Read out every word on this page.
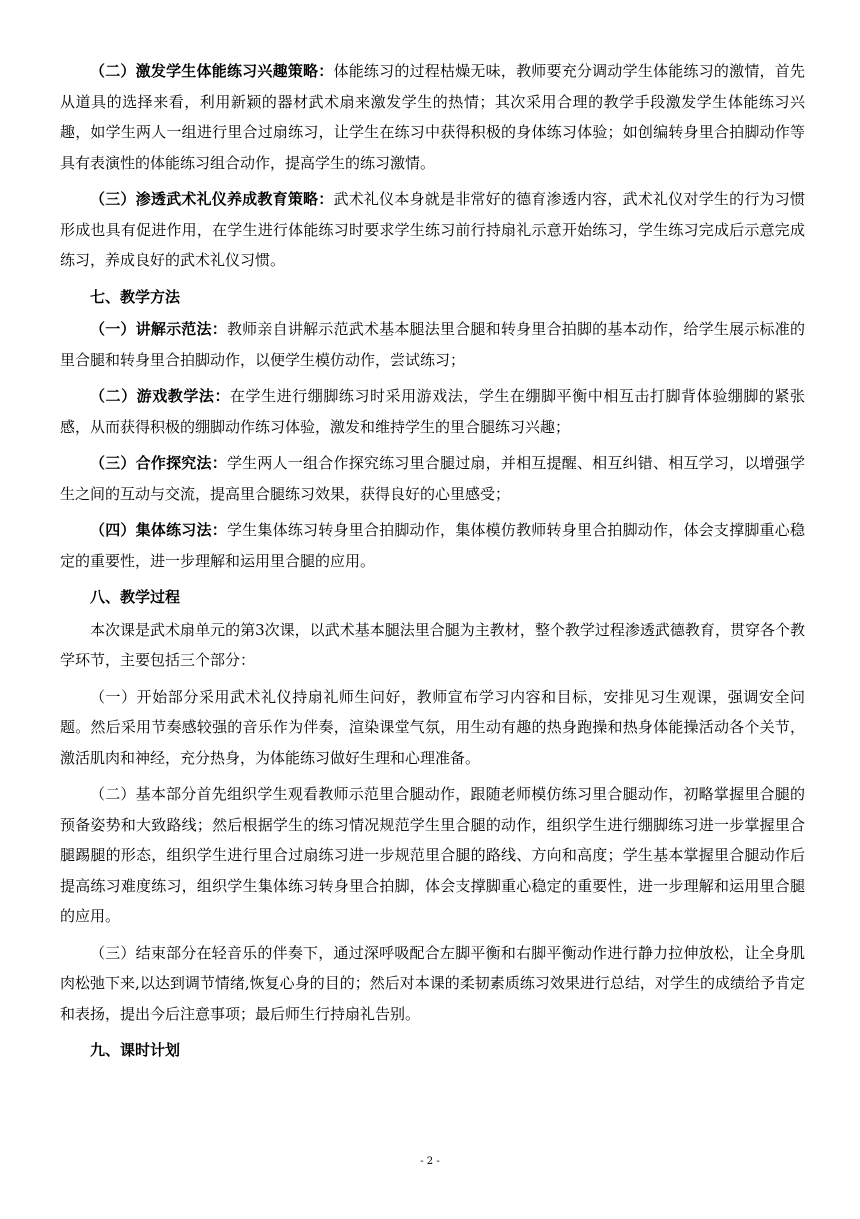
（二）激发学生体能练习兴趣策略：体能练习的过程枯燥无味，教师要充分调动学生体能练习的激情，首先从道具的选择来看，利用新颖的器材武术扇来激发学生的热情；其次采用合理的教学手段激发学生体能练习兴趣，如学生两人一组进行里合过扇练习，让学生在练习中获得积极的身体练习体验；如创编转身里合拍脚动作等具有表演性的体能练习组合动作，提高学生的练习激情。

（三）渗透武术礼仪养成教育策略：武术礼仪本身就是非常好的德育渗透内容，武术礼仪对学生的行为习惯形成也具有促进作用，在学生进行体能练习时要求学生练习前行持扇礼示意开始练习，学生练习完成后示意完成练习，养成良好的武术礼仪习惯。

七、教学方法

（一）讲解示范法：教师亲自讲解示范武术基本腿法里合腿和转身里合拍脚的基本动作，给学生展示标准的里合腿和转身里合拍脚动作，以便学生模仿动作，尝试练习；

（二）游戏教学法：在学生进行绷脚练习时采用游戏法，学生在绷脚平衡中相互击打脚背体验绷脚的紧张感，从而获得积极的绷脚动作练习体验，激发和维持学生的里合腿练习兴趣；

（三）合作探究法：学生两人一组合作探究练习里合腿过扇，并相互提醒、相互纠错、相互学习，以增强学生之间的互动与交流，提高里合腿练习效果，获得良好的心里感受；

（四）集体练习法：学生集体练习转身里合拍脚动作，集体模仿教师转身里合拍脚动作，体会支撑脚重心稳定的重要性，进一步理解和运用里合腿的应用。

八、教学过程

本次课是武术扇单元的第3次课，以武术基本腿法里合腿为主教材，整个教学过程渗透武德教育，贯穿各个教学环节，主要包括三个部分：

（一）开始部分采用武术礼仪持扇礼师生问好，教师宣布学习内容和目标，安排见习生观课，强调安全问题。然后采用节奏感较强的音乐作为伴奏，渲染课堂气氛，用生动有趣的热身跑操和热身体能操活动各个关节，激活肌肉和神经，充分热身，为体能练习做好生理和心理准备。

（二）基本部分首先组织学生观看教师示范里合腿动作，跟随老师模仿练习里合腿动作，初略掌握里合腿的预备姿势和大致路线；然后根据学生的练习情况规范学生里合腿的动作，组织学生进行绷脚练习进一步掌握里合腿踢腿的形态，组织学生进行里合过扇练习进一步规范里合腿的路线、方向和高度；学生基本掌握里合腿动作后提高练习难度练习，组织学生集体练习转身里合拍脚，体会支撑脚重心稳定的重要性，进一步理解和运用里合腿的应用。

（三）结束部分在轻音乐的伴奏下，通过深呼吸配合左脚平衡和右脚平衡动作进行静力拉伸放松，让全身肌肉松弛下来,以达到调节情绪,恢复心身的目的；然后对本课的柔韧素质练习效果进行总结，对学生的成绩给予肯定和表扬，提出今后注意事项；最后师生行持扇礼告别。

九、课时计划

- 2 -
